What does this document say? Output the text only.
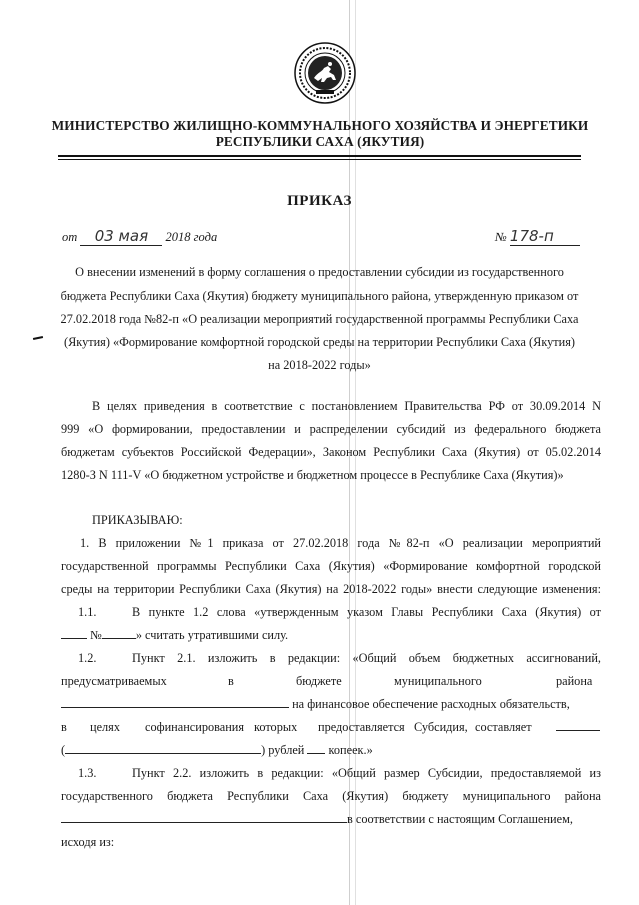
МИНИСТЕРСТВО ЖИЛИЩНО-КОММУНАЛЬНОГО ХОЗЯЙСТВА И ЭНЕРГЕТИКИ
РЕСПУБЛИКИ САХА (ЯКУТИЯ)
ПРИКАЗ
от 03 мая 2018 года	№ 178-п
О внесении изменений в форму соглашения о предоставлении субсидии из государственного
бюджета Республики Саха (Якутия) бюджету муниципального района, утвержденную приказом от
27.02.2018 года №82-п «О реализации мероприятий государственной программы Республики Саха
(Якутия) «Формирование комфортной городской среды на территории Республики Саха (Якутия)
на 2018-2022 годы»
В целях приведения в соответствие с постановлением Правительства РФ от 30.09.2014 N
999 «О формировании, предоставлении и распределении субсидий из федерального бюджета
бюджетам субъектов Российской Федерации», Законом Республики Саха (Якутия) от 05.02.2014
1280-З N 111-V «О бюджетном устройстве и бюджетном процессе в Республике Саха (Якутия)»
ПРИКАЗЫВАЮ:
1. В приложении №1 приказа от 27.02.2018 года №82-п «О реализации мероприятий
государственной программы Республики Саха (Якутия) «Формирование комфортной городской
среды на территории Республики Саха (Якутия) на 2018-2022 годы» внести следующие изменения:
1.1.	В пункте 1.2 слова «утвержденным указом Главы Республики Саха (Якутия) от
№	» считать утратившими силу.
1.2.	Пункт 2.1. изложить в редакции: «Общий объем бюджетных ассигнований,
предусматриваемых	в	бюджете	муниципального	района
на финансовое обеспечение расходных обязательств,
в целях софинансирования которых предоставляется Субсидия, составляет
(	) рублей копеек.»
1.3.	Пункт 2.2. изложить в редакции: «Общий размер Субсидии, предоставляемой из
государственного бюджета Республики Саха (Якутия) бюджету муниципального района
в соответствии с настоящим Соглашением,
исходя из:
